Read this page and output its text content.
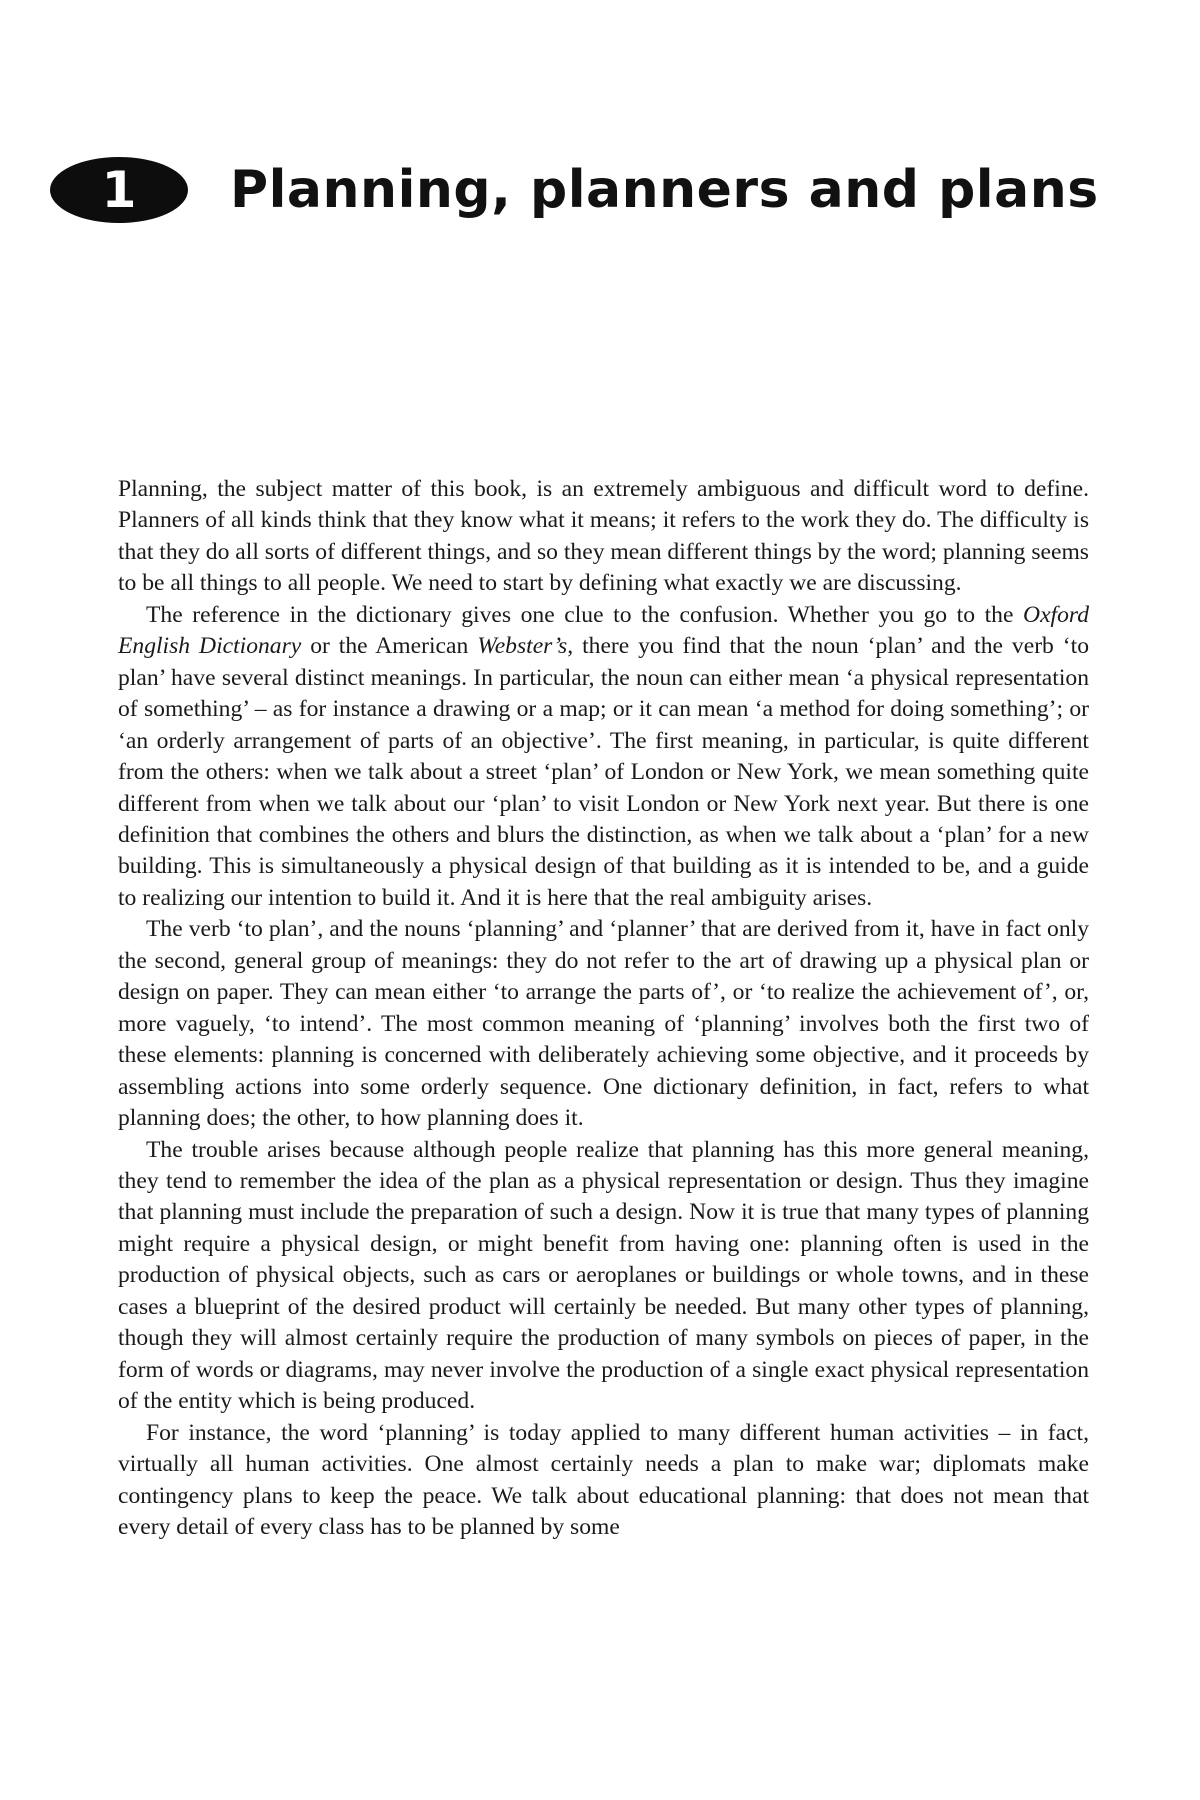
1 Planning, planners and plans

Planning, the subject matter of this book, is an extremely ambiguous and difficult word to define. Planners of all kinds think that they know what it means; it refers to the work they do. The difficulty is that they do all sorts of different things, and so they mean different things by the word; planning seems to be all things to all people. We need to start by defining what exactly we are discussing.

The reference in the dictionary gives one clue to the confusion. Whether you go to the Oxford English Dictionary or the American Webster’s, there you find that the noun ‘plan’ and the verb ‘to plan’ have several distinct meanings. In particular, the noun can either mean ‘a physical representation of something’ – as for instance a drawing or a map; or it can mean ‘a method for doing something’; or ‘an orderly arrangement of parts of an objective’. The first meaning, in particular, is quite different from the others: when we talk about a street ‘plan’ of London or New York, we mean something quite different from when we talk about our ‘plan’ to visit London or New York next year. But there is one definition that combines the others and blurs the distinction, as when we talk about a ‘plan’ for a new building. This is simultaneously a physical design of that building as it is intended to be, and a guide to realizing our intention to build it. And it is here that the real ambiguity arises.

The verb ‘to plan’, and the nouns ‘planning’ and ‘planner’ that are derived from it, have in fact only the second, general group of meanings: they do not refer to the art of drawing up a physical plan or design on paper. They can mean either ‘to arrange the parts of’, or ‘to realize the achievement of’, or, more vaguely, ‘to intend’. The most common meaning of ‘planning’ involves both the first two of these elements: planning is concerned with deliberately achieving some objective, and it proceeds by assembling actions into some orderly sequence. One dictionary definition, in fact, refers to what planning does; the other, to how planning does it.

The trouble arises because although people realize that planning has this more general meaning, they tend to remember the idea of the plan as a physical representation or design. Thus they imagine that planning must include the preparation of such a design. Now it is true that many types of planning might require a physical design, or might benefit from having one: planning often is used in the production of physical objects, such as cars or aeroplanes or buildings or whole towns, and in these cases a blueprint of the desired product will certainly be needed. But many other types of planning, though they will almost certainly require the production of many symbols on pieces of paper, in the form of words or diagrams, may never involve the production of a single exact physical representation of the entity which is being produced.

For instance, the word ‘planning’ is today applied to many different human activities – in fact, virtually all human activities. One almost certainly needs a plan to make war; diplomats make contingency plans to keep the peace. We talk about educational planning: that does not mean that every detail of every class has to be planned by some
